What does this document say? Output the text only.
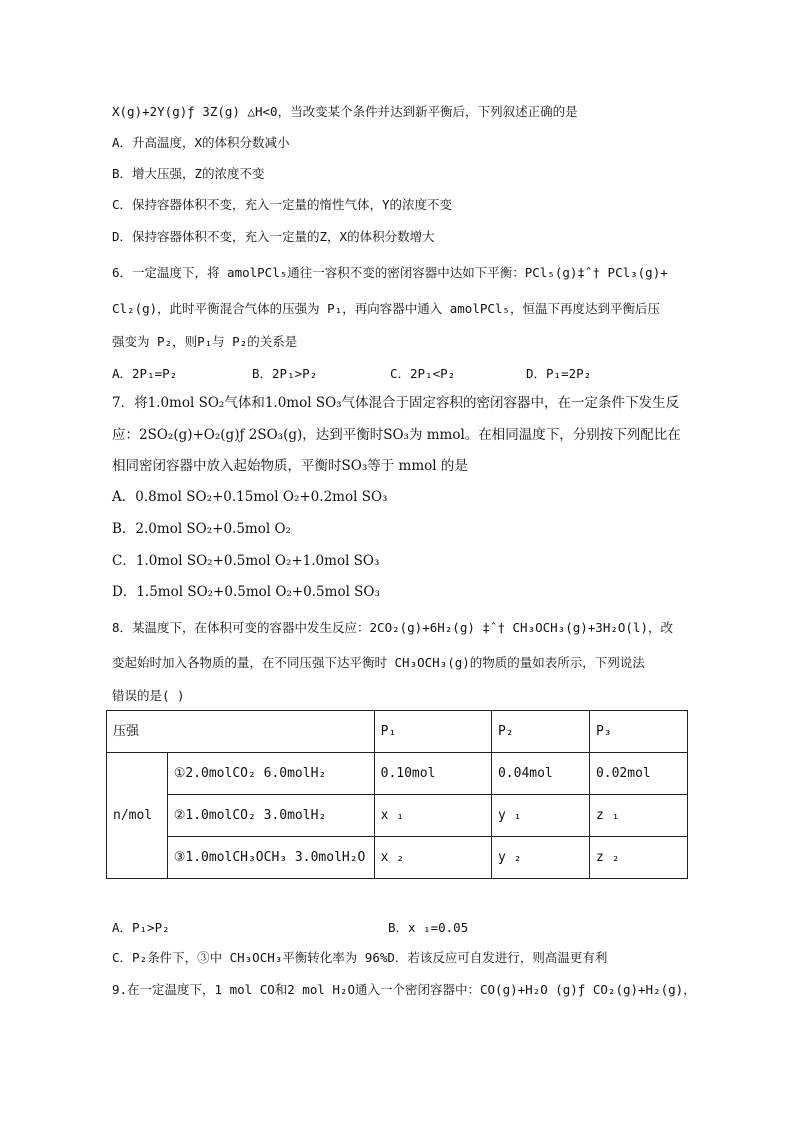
X(g)+2Y(g)ƒ 3Z(g) △H<0，当改变某个条件并达到新平衡后，下列叙述正确的是
A．升高温度，X的体积分数减小
B．增大压强，Z的浓度不变
C．保持容器体积不变，充入一定量的惰性气体，Y的浓度不变
D．保持容器体积不变，充入一定量的Z，X的体积分数增大
6．一定温度下，将 amolPCl₅通往一容积不变的密闭容器中达如下平衡：PCl₅(g)‡ˆ† PCl₃(g)+
Cl₂(g)，此时平衡混合气体的压强为 P₁，再向容器中通入 amolPCl₅，恒温下再度达到平衡后压
强变为 P₂，则P₁与 P₂的关系是
A．2P₁=P₂	B．2P₁>P₂	C．2P₁<P₂	D．P₁=2P₂
7．将1.0mol SO₂气体和1.0mol SO₃气体混合于固定容积的密闭容器中，在一定条件下发生反
应：2SO₂(g)+O₂(g)ƒ 2SO₃(g)，达到平衡时SO₃为 mmol。在相同温度下，分别按下列配比在
相同密闭容器中放入起始物质，平衡时SO₃等于 mmol 的是
A．0.8mol SO₂+0.15mol O₂+0.2mol SO₃
B．2.0mol SO₂+0.5mol O₂
C．1.0mol SO₂+0.5mol O₂+1.0mol SO₃
D．1.5mol SO₂+0.5mol O₂+0.5mol SO₃
8．某温度下，在体积可变的容器中发生反应：2CO₂(g)+6H₂(g) ‡ˆ† CH₃OCH₃(g)+3H₂O(l)，改
变起始时加入各物质的量，在不同压强下达平衡时 CH₃OCH₃(g)的物质的量如表所示，下列说法
错误的是( )
压强		P₁	P₂	P₃
n/mol	①2.0molCO₂ 6.0molH₂	0.10mol	0.04mol	0.02mol
	②1.0molCO₂ 3.0molH₂	x ₁	y ₁	z ₁
	③1.0molCH₃OCH₃ 3.0molH₂O	x ₂	y ₂	z ₂
A．P₁>P₂	B．x ₁=0.05
C．P₂条件下，③中 CH₃OCH₃平衡转化率为 96%D．若该反应可自发进行，则高温更有利
9.在一定温度下，1 mol CO和2 mol H₂O通入一个密闭容器中：CO(g)+H₂O (g)ƒ CO₂(g)+H₂(g)，
